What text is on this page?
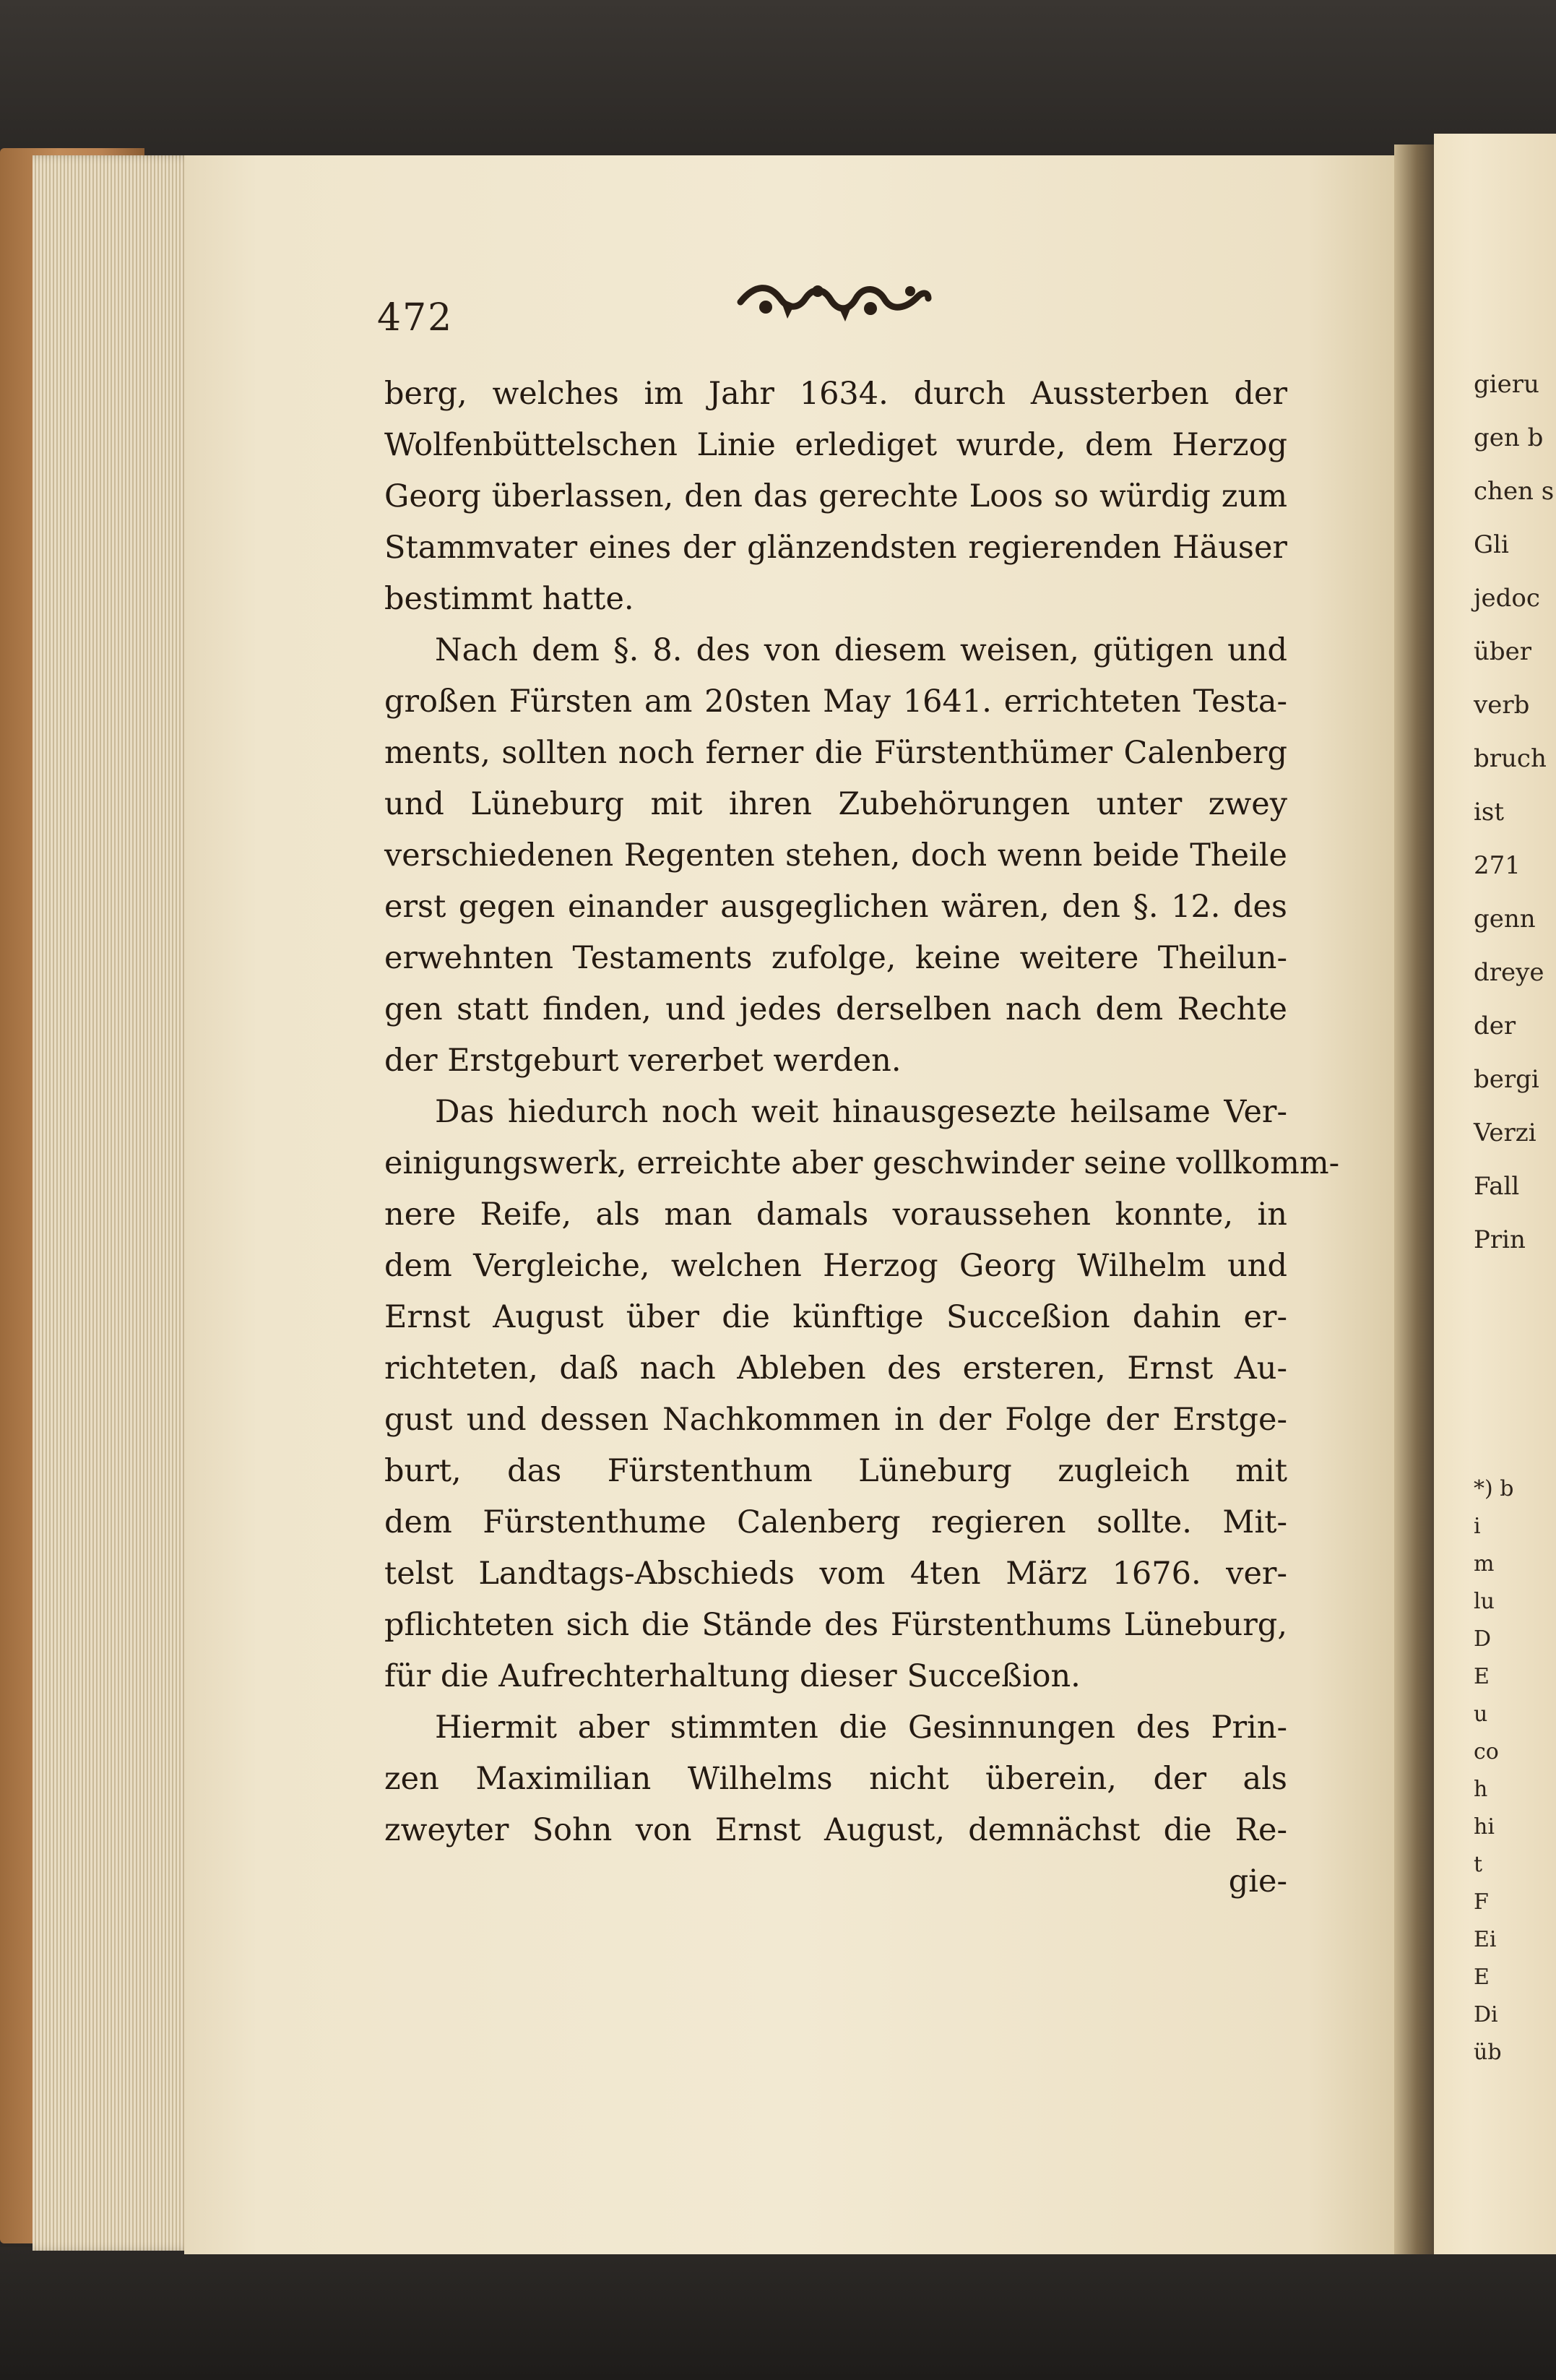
472
berg, welches im Jahr 1634. durch Aussterben der
Wolfenbüttelschen Linie erlediget wurde, dem Herzog
Georg überlassen, den das gerechte Loos so würdig zum
Stammvater eines der glänzendsten regierenden Häuser
bestimmt hatte.
Nach dem §. 8. des von diesem weisen, gütigen und
großen Fürsten am 20sten May 1641. errichteten Testa-
ments, sollten noch ferner die Fürstenthümer Calenberg
und Lüneburg mit ihren Zubehörungen unter zwey
verschiedenen Regenten stehen, doch wenn beide Theile
erst gegen einander ausgeglichen wären, den §. 12. des
erwehnten Testaments zufolge, keine weitere Theilun-
gen statt finden, und jedes derselben nach dem Rechte
der Erstgeburt vererbet werden.
Das hiedurch noch weit hinausgesezte heilsame Ver-
einigungswerk, erreichte aber geschwinder seine vollkomm-
nere Reife, als man damals voraussehen konnte, in
dem Vergleiche, welchen Herzog Georg Wilhelm und
Ernst August über die künftige Succeßion dahin er-
richteten, daß nach Ableben des ersteren, Ernst Au-
gust und dessen Nachkommen in der Folge der Erstge-
burt, das Fürstenthum Lüneburg zugleich mit
dem Fürstenthume Calenberg regieren sollte. Mit-
telst Landtags-Abschieds vom 4ten März 1676. ver-
pflichteten sich die Stände des Fürstenthums Lüneburg,
für die Aufrechterhaltung dieser Succeßion.
Hiermit aber stimmten die Gesinnungen des Prin-
zen Maximilian Wilhelms nicht überein, der als
zweyter Sohn von Ernst August, demnächst die Re-
gie-
gieru
gen b
chen s
Gli
jedoc
über
verb
bruch
ist
271
genn
dreye
der
bergi
Verzi
Fall
Prin
*) b
i
m
lu
D
E
u
co
h
hi
t
F
Ei
E
Di
üb
